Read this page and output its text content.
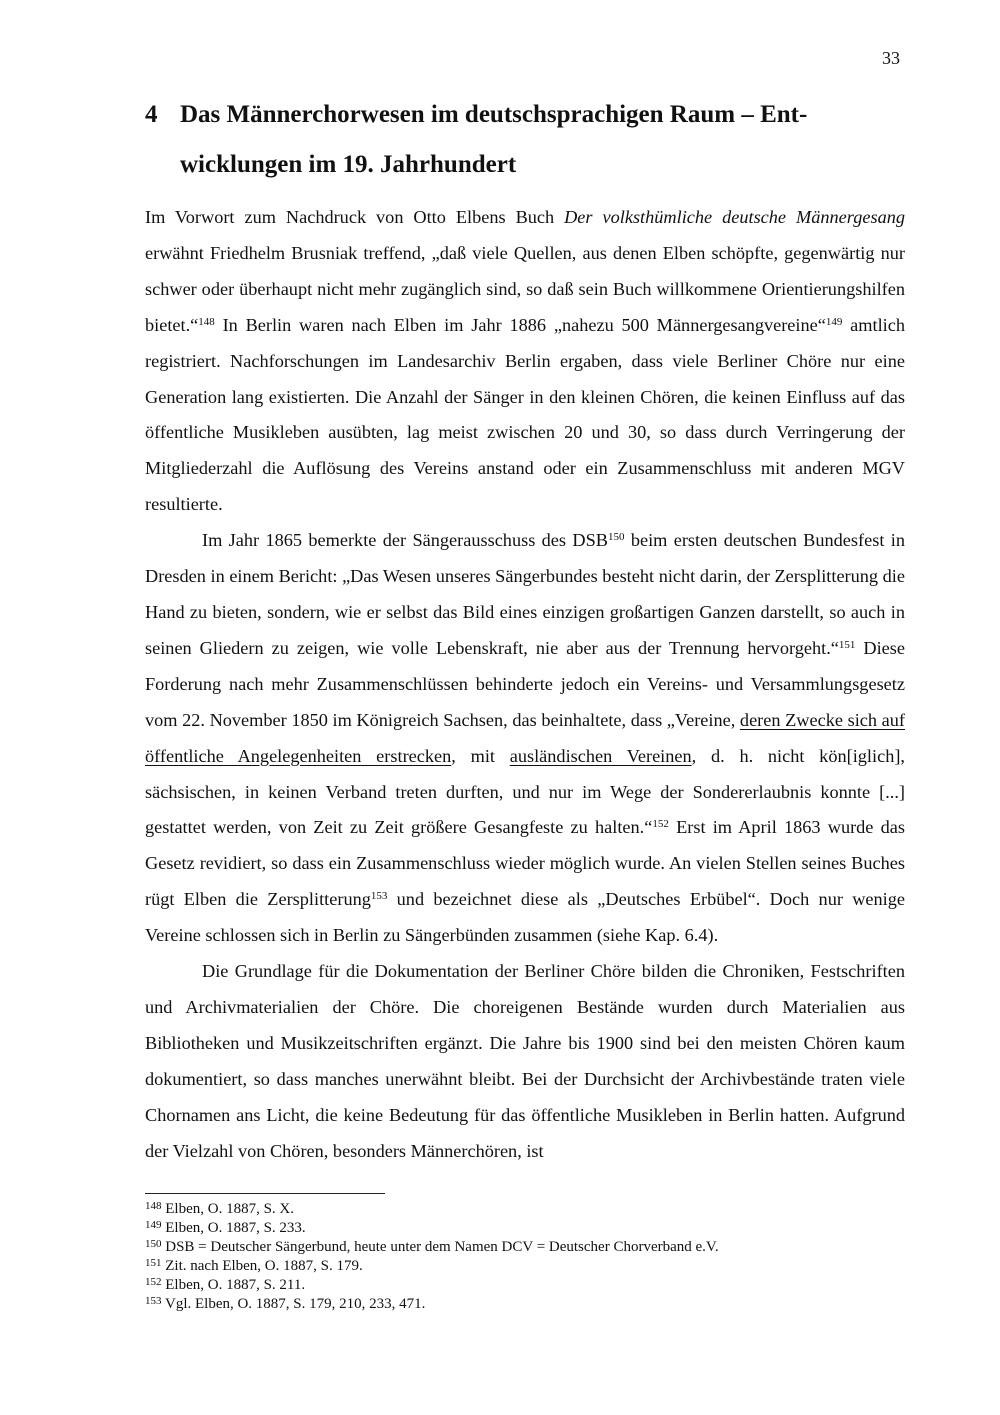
33
4 Das Männerchorwesen im deutschsprachigen Raum – Entwicklungen im 19. Jahrhundert

Im Vorwort zum Nachdruck von Otto Elbens Buch Der volksthümliche deutsche Männergesang erwähnt Friedhelm Brusniak treffend, „daß viele Quellen, aus denen Elben schöpfte, gegenwärtig nur schwer oder überhaupt nicht mehr zugänglich sind, so daß sein Buch willkommene Orientierungshilfen bietet.“$^{148}$ In Berlin waren nach Elben im Jahr 1886 „nahezu 500 Männergesangvereine“$^{149}$ amtlich registriert. Nachforschungen im Landesarchiv Berlin ergaben, dass viele Berliner Chöre nur eine Generation lang existierten. Die Anzahl der Sänger in den kleinen Chören, die keinen Einfluss auf das öffentliche Musikleben ausübten, lag meist zwischen 20 und 30, so dass durch Verringerung der Mitgliederzahl die Auflösung des Vereins anstand oder ein Zusammenschluss mit anderen MGV resultierte.

Im Jahr 1865 bemerkte der Sängerausschuss des DSB$^{150}$ beim ersten deutschen Bundesfest in Dresden in einem Bericht: „Das Wesen unseres Sängerbundes besteht nicht darin, der Zersplitterung die Hand zu bieten, sondern, wie er selbst das Bild eines einzigen großartigen Ganzen darstellt, so auch in seinen Gliedern zu zeigen, wie volle Lebenskraft, nie aber aus der Trennung hervorgeht.“$^{151}$ Diese Forderung nach mehr Zusammenschlüssen behinderte jedoch ein Vereins- und Versammlungsgesetz vom 22. November 1850 im Königreich Sachsen, das beinhaltete, dass „Vereine, deren Zwecke sich auf öffentliche Angelegenheiten erstrecken, mit ausländischen Vereinen, d. h. nicht kön[iglich], sächsischen, in keinen Verband treten durften, und nur im Wege der Sondererlaubnis konnte [...] gestattet werden, von Zeit zu Zeit größere Gesangfeste zu halten.“$^{152}$ Erst im April 1863 wurde das Gesetz revidiert, so dass ein Zusammenschluss wieder möglich wurde. An vielen Stellen seines Buches rügt Elben die Zersplitterung$^{153}$ und bezeichnet diese als „Deutsches Erbübel“. Doch nur wenige Vereine schlossen sich in Berlin zu Sängerbünden zusammen (siehe Kap. 6.4).

Die Grundlage für die Dokumentation der Berliner Chöre bilden die Chroniken, Festschriften und Archivmaterialien der Chöre. Die choreigenen Bestände wurden durch Materialien aus Bibliotheken und Musikzeitschriften ergänzt. Die Jahre bis 1900 sind bei den meisten Chören kaum dokumentiert, so dass manches unerwähnt bleibt. Bei der Durchsicht der Archivbestände traten viele Chornamen ans Licht, die keine Bedeutung für das öffentliche Musikleben in Berlin hatten. Aufgrund der Vielzahl von Chören, besonders Männerchören, ist

$^{148}$ Elben, O. 1887, S. X.
$^{149}$ Elben, O. 1887, S. 233.
$^{150}$ DSB = Deutscher Sängerbund, heute unter dem Namen DCV = Deutscher Chorverband e.V.
$^{151}$ Zit. nach Elben, O. 1887, S. 179.
$^{152}$ Elben, O. 1887, S. 211.
$^{153}$ Vgl. Elben, O. 1887, S. 179, 210, 233, 471.
